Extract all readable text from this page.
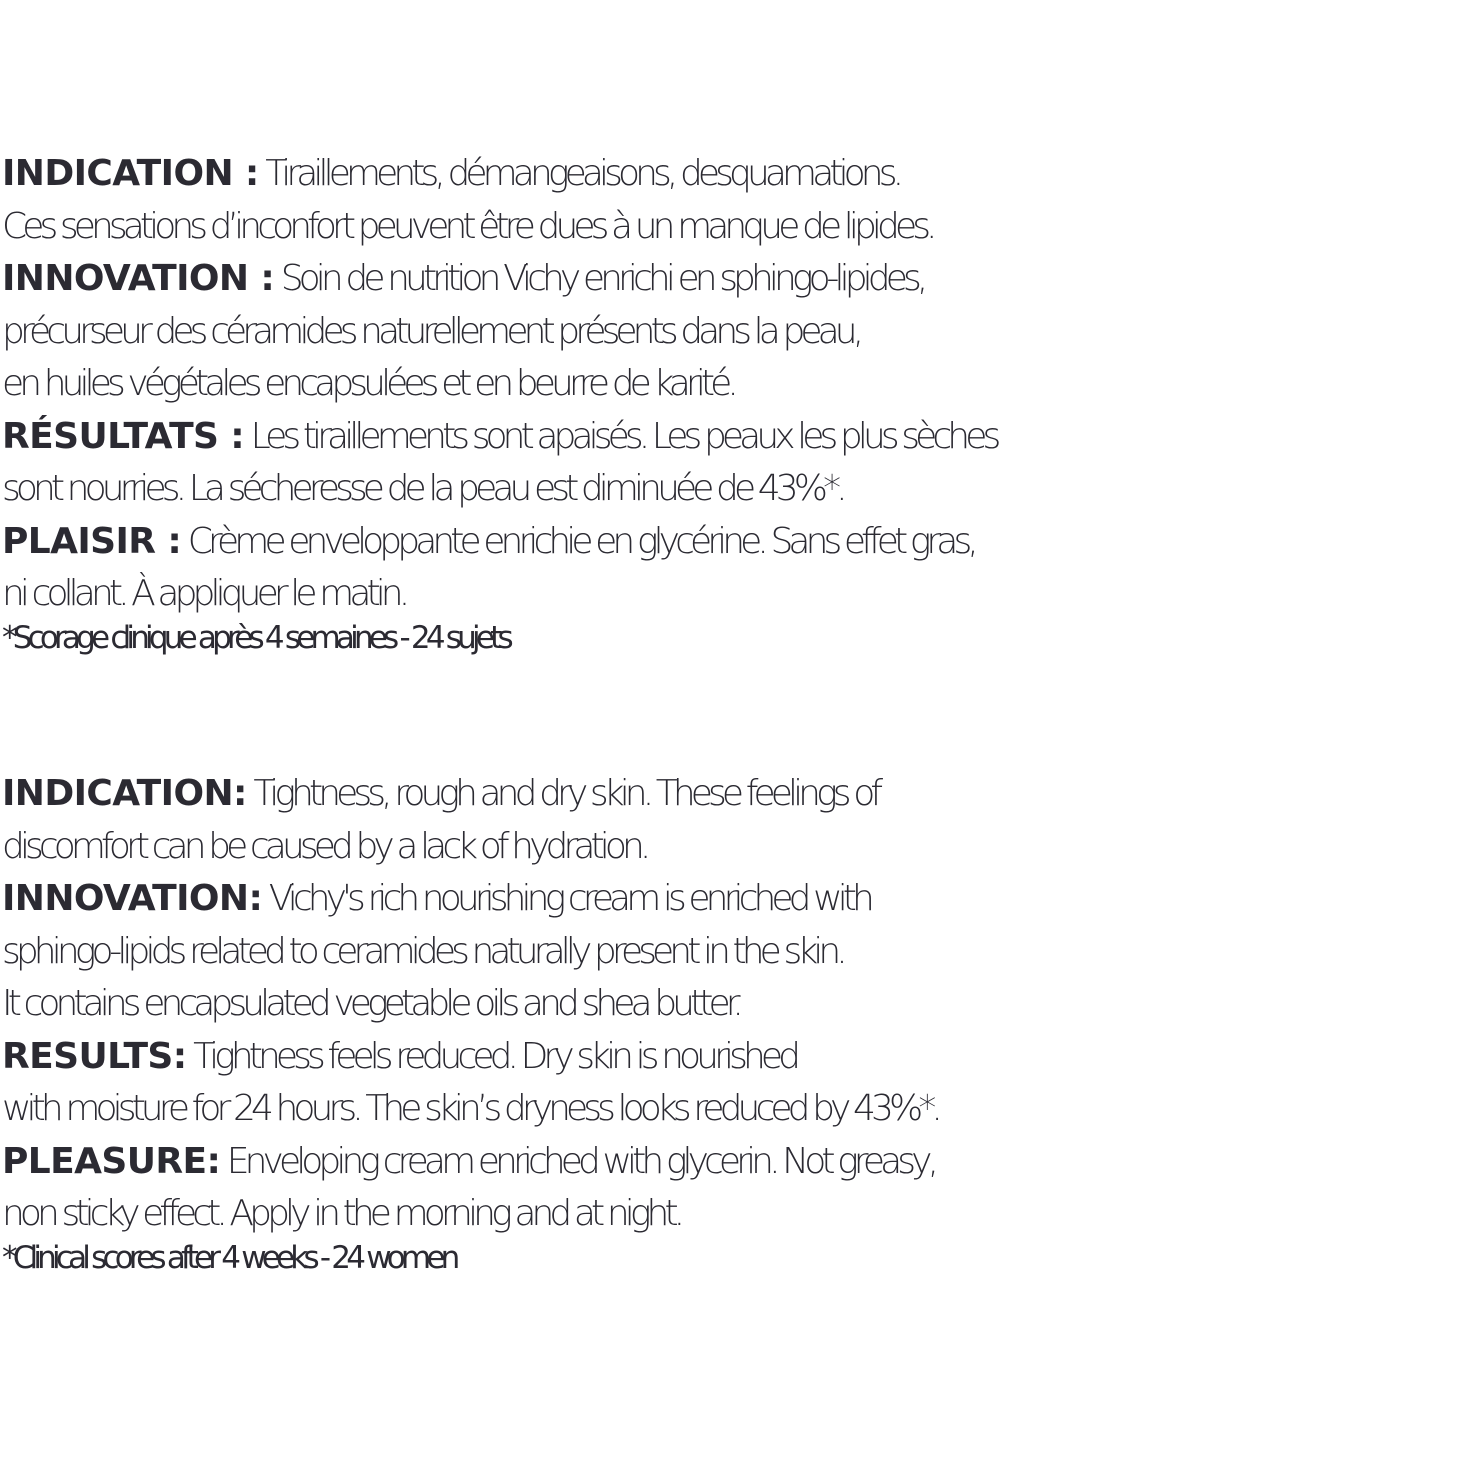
INDICATION : Tiraillements, démangeaisons, desquamations.
Ces sensations d’inconfort peuvent être dues à un manque de lipides.
INNOVATION : Soin de nutrition Vichy enrichi en sphingo-lipides,
précurseur des céramides naturellement présents dans la peau,
en huiles végétales encapsulées et en beurre de karité.
RÉSULTATS : Les tiraillements sont apaisés. Les peaux les plus sèches
sont nourries. La sécheresse de la peau est diminuée de 43%*.
PLAISIR : Crème enveloppante enrichie en glycérine. Sans effet gras,
ni collant. À appliquer le matin.
*Scorage clinique après 4 semaines - 24 sujets
INDICATION: Tightness, rough and dry skin. These feelings of
discomfort can be caused by a lack of hydration.
INNOVATION: Vichy's rich nourishing cream is enriched with
sphingo-lipids related to ceramides naturally present in the skin.
It contains encapsulated vegetable oils and shea butter.
RESULTS: Tightness feels reduced. Dry skin is nourished
with moisture for 24 hours. The skin’s dryness looks reduced by 43%*.
PLEASURE: Enveloping cream enriched with glycerin. Not greasy,
non sticky effect. Apply in the morning and at night.
*Clinical scores after 4 weeks - 24 women
